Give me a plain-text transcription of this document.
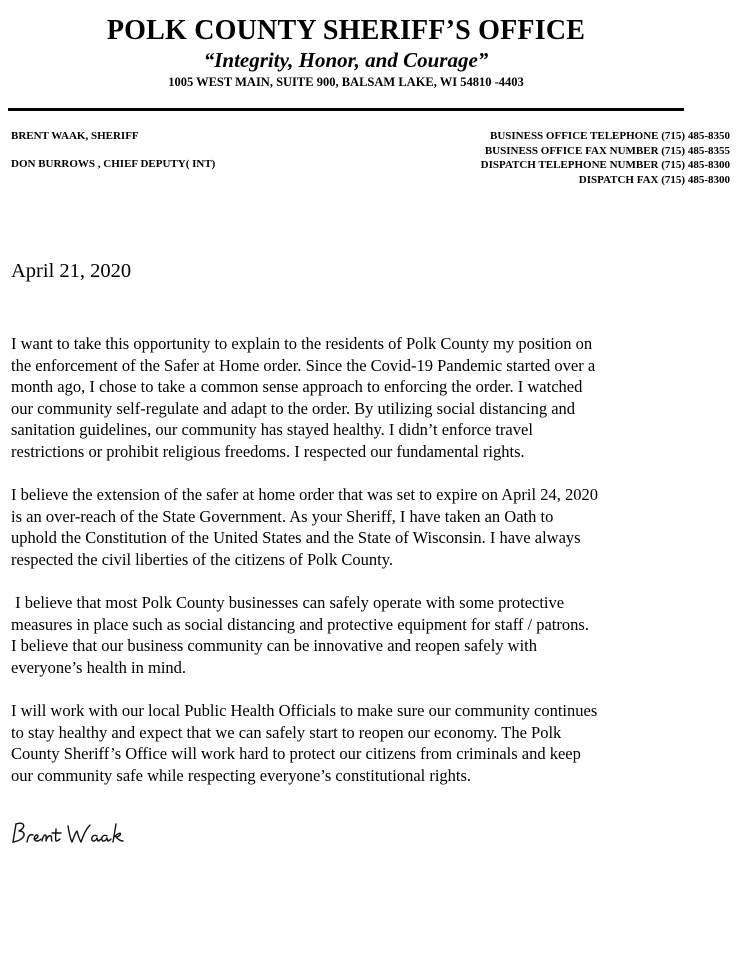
POLK COUNTY SHERIFF’S OFFICE
“Integrity, Honor, and Courage”
1005 WEST MAIN, SUITE 900, BALSAM LAKE, WI 54810 -4403
BRENT WAAK, SHERIFF
DON BURROWS , CHIEF DEPUTY( INT)
BUSINESS OFFICE TELEPHONE (715) 485-8350
BUSINESS OFFICE FAX NUMBER (715) 485-8355
DISPATCH TELEPHONE NUMBER (715) 485-8300
DISPATCH FAX (715) 485-8300
April 21, 2020

I want to take this opportunity to explain to the residents of Polk County my position on
the enforcement of the Safer at Home order. Since the Covid-19 Pandemic started over a
month ago, I chose to take a common sense approach to enforcing the order. I watched
our community self-regulate and adapt to the order. By utilizing social distancing and
sanitation guidelines, our community has stayed healthy. I didn’t enforce travel
restrictions or prohibit religious freedoms. I respected our fundamental rights.

I believe the extension of the safer at home order that was set to expire on April 24, 2020
is an over-reach of the State Government. As your Sheriff, I have taken an Oath to
uphold the Constitution of the United States and the State of Wisconsin. I have always
respected the civil liberties of the citizens of Polk County.

I believe that most Polk County businesses can safely operate with some protective
measures in place such as social distancing and protective equipment for staff / patrons.
I believe that our business community can be innovative and reopen safely with
everyone’s health in mind.

I will work with our local Public Health Officials to make sure our community continues
to stay healthy and expect that we can safely start to reopen our economy. The Polk
County Sheriff’s Office will work hard to protect our citizens from criminals and keep
our community safe while respecting everyone’s constitutional rights.
